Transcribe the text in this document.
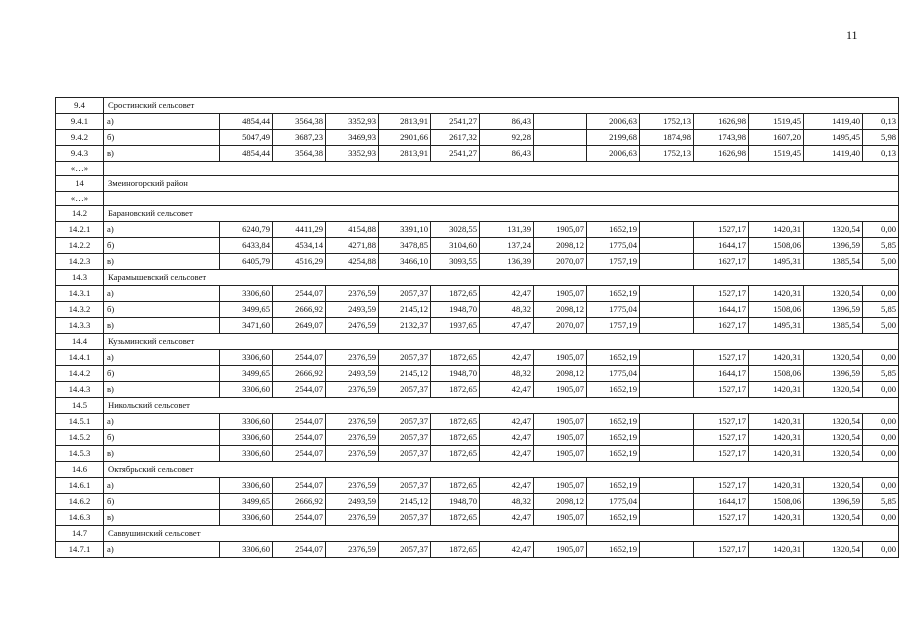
11
9.4	Сростинский сельсовет													
9.4.1	а)	4854,44	3564,38	3352,93	2813,91	2541,27	86,43		2006,63	1752,13	1626,98	1519,45	1419,40	0,13
9.4.2	б)	5047,49	3687,23	3469,93	2901,66	2617,32	92,28		2199,68	1874,98	1743,98	1607,20	1495,45	5,98
9.4.3	в)	4854,44	3564,38	3352,93	2813,91	2541,27	86,43		2006,63	1752,13	1626,98	1519,45	1419,40	0,13
«…»														
14	Змеиногорский район													
«…»														
14.2	Барановский сельсовет													
14.2.1	а)	6240,79	4411,29	4154,88	3391,10	3028,55	131,39	1905,07	1652,19		1527,17	1420,31	1320,54	0,00
14.2.2	б)	6433,84	4534,14	4271,88	3478,85	3104,60	137,24	2098,12	1775,04		1644,17	1508,06	1396,59	5,85
14.2.3	в)	6405,79	4516,29	4254,88	3466,10	3093,55	136,39	2070,07	1757,19		1627,17	1495,31	1385,54	5,00
14.3	Карамышевский сельсовет													
14.3.1	а)	3306,60	2544,07	2376,59	2057,37	1872,65	42,47	1905,07	1652,19		1527,17	1420,31	1320,54	0,00
14.3.2	б)	3499,65	2666,92	2493,59	2145,12	1948,70	48,32	2098,12	1775,04		1644,17	1508,06	1396,59	5,85
14.3.3	в)	3471,60	2649,07	2476,59	2132,37	1937,65	47,47	2070,07	1757,19		1627,17	1495,31	1385,54	5,00
14.4	Кузьминский сельсовет													
14.4.1	а)	3306,60	2544,07	2376,59	2057,37	1872,65	42,47	1905,07	1652,19		1527,17	1420,31	1320,54	0,00
14.4.2	б)	3499,65	2666,92	2493,59	2145,12	1948,70	48,32	2098,12	1775,04		1644,17	1508,06	1396,59	5,85
14.4.3	в)	3306,60	2544,07	2376,59	2057,37	1872,65	42,47	1905,07	1652,19		1527,17	1420,31	1320,54	0,00
14.5	Никольский сельсовет													
14.5.1	а)	3306,60	2544,07	2376,59	2057,37	1872,65	42,47	1905,07	1652,19		1527,17	1420,31	1320,54	0,00
14.5.2	б)	3306,60	2544,07	2376,59	2057,37	1872,65	42,47	1905,07	1652,19		1527,17	1420,31	1320,54	0,00
14.5.3	в)	3306,60	2544,07	2376,59	2057,37	1872,65	42,47	1905,07	1652,19		1527,17	1420,31	1320,54	0,00
14.6	Октябрьский сельсовет													
14.6.1	а)	3306,60	2544,07	2376,59	2057,37	1872,65	42,47	1905,07	1652,19		1527,17	1420,31	1320,54	0,00
14.6.2	б)	3499,65	2666,92	2493,59	2145,12	1948,70	48,32	2098,12	1775,04		1644,17	1508,06	1396,59	5,85
14.6.3	в)	3306,60	2544,07	2376,59	2057,37	1872,65	42,47	1905,07	1652,19		1527,17	1420,31	1320,54	0,00
14.7	Саввушинский сельсовет													
14.7.1	а)	3306,60	2544,07	2376,59	2057,37	1872,65	42,47	1905,07	1652,19		1527,17	1420,31	1320,54	0,00
